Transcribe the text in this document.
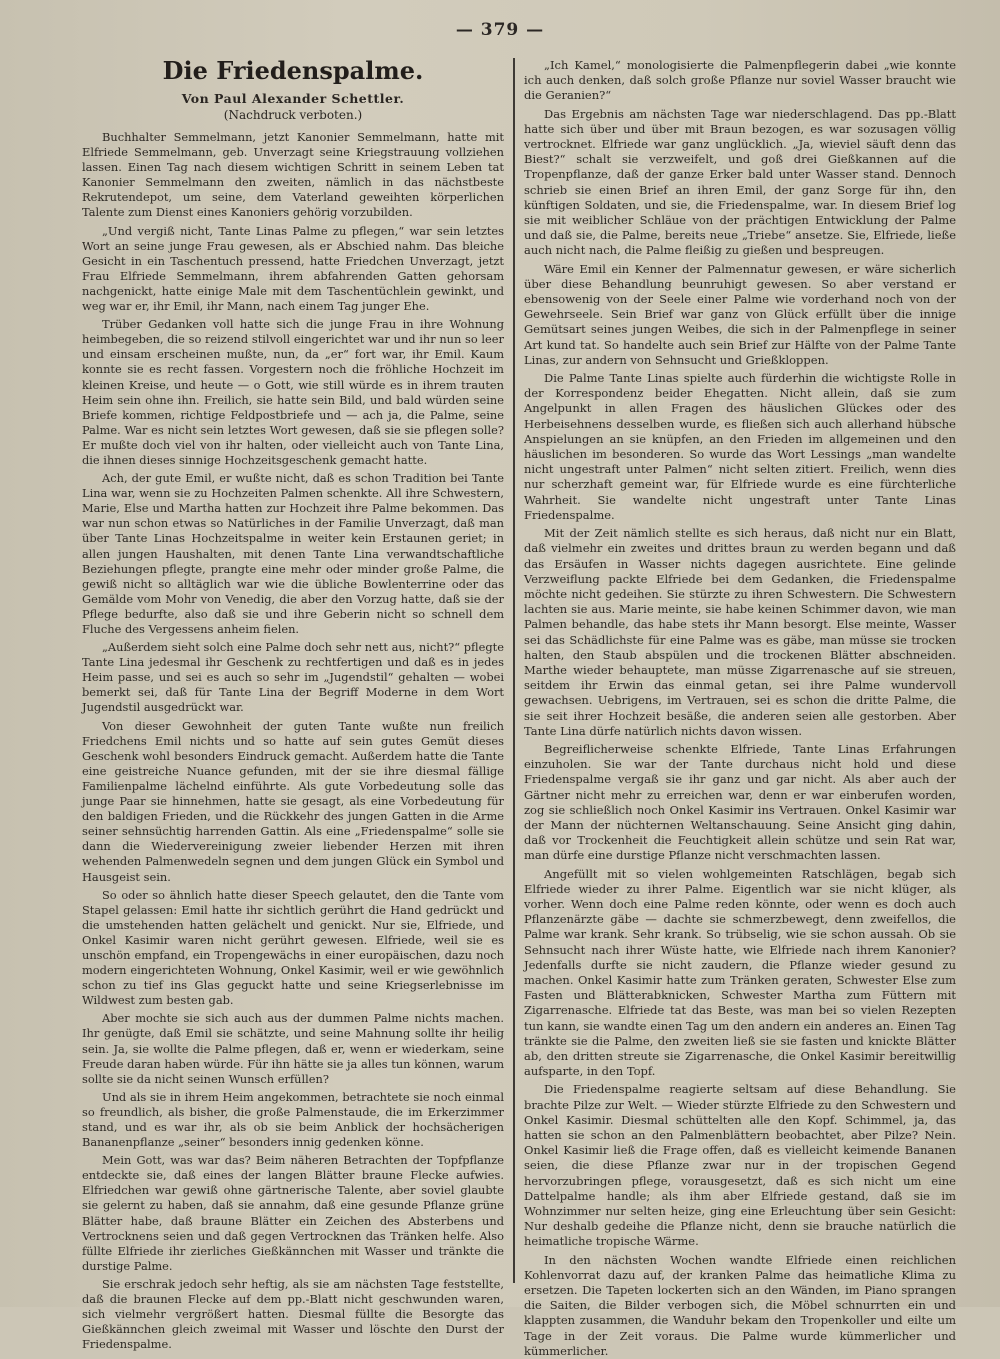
— 379 —
Die Friedenspalme.
Von Paul Alexander Schettler.
(Nachdruck verboten.)

Buchhalter Semmelmann, jetzt Kanonier Semmelmann, hatte mit Elfriede Semmelmann, geb. Unverzagt seine Kriegstrauung vollziehen lassen. Einen Tag nach diesem wichtigen Schritt in seinem Leben tat Kanonier Semmelmann den zweiten, nämlich in das nächstbeste Rekrutendepot, um seine, dem Vaterland geweihten körperlichen Talente zum Dienst eines Kanoniers gehörig vorzubilden.

„Und vergiß nicht, Tante Linas Palme zu pflegen,“ war sein letztes Wort an seine junge Frau gewesen, als er Abschied nahm. Das bleiche Gesicht in ein Taschentuch pressend, hatte Friedchen Unverzagt, jetzt Frau Elfriede Semmelmann, ihrem abfahrenden Gatten gehorsam nachgenickt, hatte einige Male mit dem Taschentüchlein gewinkt, und weg war er, ihr Emil, ihr Mann, nach einem Tag junger Ehe.

Trüber Gedanken voll hatte sich die junge Frau in ihre Wohnung heimbegeben, die so reizend stilvoll eingerichtet war und ihr nun so leer und einsam erscheinen mußte, nun, da „er“ fort war, ihr Emil. Kaum konnte sie es recht fassen. Vorgestern noch die fröhliche Hochzeit im kleinen Kreise, und heute — o Gott, wie still würde es in ihrem trauten Heim sein ohne ihn. Freilich, sie hatte sein Bild, und bald würden seine Briefe kommen, richtige Feldpostbriefe und — ach ja, die Palme, seine Palme. War es nicht sein letztes Wort gewesen, daß sie sie pflegen solle? Er mußte doch viel von ihr halten, oder vielleicht auch von Tante Lina, die ihnen dieses sinnige Hochzeitsgeschenk gemacht hatte.

Ach, der gute Emil, er wußte nicht, daß es schon Tradition bei Tante Lina war, wenn sie zu Hochzeiten Palmen schenkte. All ihre Schwestern, Marie, Else und Martha hatten zur Hochzeit ihre Palme bekommen. Das war nun schon etwas so Natürliches in der Familie Unverzagt, daß man über Tante Linas Hochzeitspalme in weiter kein Erstaunen geriet; in allen jungen Haushalten, mit denen Tante Lina verwandtschaftliche Beziehungen pflegte, prangte eine mehr oder minder große Palme, die gewiß nicht so alltäglich war wie die übliche Bowlenterrine oder das Gemälde vom Mohr von Venedig, die aber den Vorzug hatte, daß sie der Pflege bedurfte, also daß sie und ihre Geberin nicht so schnell dem Fluche des Vergessens anheim fielen.

„Außerdem sieht solch eine Palme doch sehr nett aus, nicht?“ pflegte Tante Lina jedesmal ihr Geschenk zu rechtfertigen und daß es in jedes Heim passe, und sei es auch so sehr im „Jugendstil“ gehalten — wobei bemerkt sei, daß für Tante Lina der Begriff Moderne in dem Wort Jugendstil ausgedrückt war.

Von dieser Gewohnheit der guten Tante wußte nun freilich Friedchens Emil nichts und so hatte auf sein gutes Gemüt dieses Geschenk wohl besonders Eindruck gemacht. Außerdem hatte die Tante eine geistreiche Nuance gefunden, mit der sie ihre diesmal fällige Familienpalme lächelnd einführte. Als gute Vorbedeutung solle das junge Paar sie hinnehmen, hatte sie gesagt, als eine Vorbedeutung für den baldigen Frieden, und die Rückkehr des jungen Gatten in die Arme seiner sehnsüchtig harrenden Gattin. Als eine „Friedenspalme“ solle sie dann die Wiedervereinigung zweier liebender Herzen mit ihren wehenden Palmenwedeln segnen und dem jungen Glück ein Symbol und Hausgeist sein.

So oder so ähnlich hatte dieser Speech gelautet, den die Tante vom Stapel gelassen: Emil hatte ihr sichtlich gerührt die Hand gedrückt und die umstehenden hatten gelächelt und genickt. Nur sie, Elfriede, und Onkel Kasimir waren nicht gerührt gewesen. Elfriede, weil sie es unschön empfand, ein Tropengewächs in einer europäischen, dazu noch modern eingerichteten Wohnung, Onkel Kasimir, weil er wie gewöhnlich schon zu tief ins Glas geguckt hatte und seine Kriegserlebnisse im Wildwest zum besten gab.

Aber mochte sie sich auch aus der dummen Palme nichts machen. Ihr genügte, daß Emil sie schätzte, und seine Mahnung sollte ihr heilig sein. Ja, sie wollte die Palme pflegen, daß er, wenn er wiederkam, seine Freude daran haben würde. Für ihn hätte sie ja alles tun können, warum sollte sie da nicht seinen Wunsch erfüllen?

Und als sie in ihrem Heim angekommen, betrachtete sie noch einmal so freundlich, als bisher, die große Palmenstaude, die im Erkerzimmer stand, und es war ihr, als ob sie beim Anblick der hochsächerigen Bananenpflanze „seiner“ besonders innig gedenken könne.

Mein Gott, was war das? Beim näheren Betrachten der Topfpflanze entdeckte sie, daß eines der langen Blätter braune Flecke aufwies. Elfriedchen war gewiß ohne gärtnerische Talente, aber soviel glaubte sie gelernt zu haben, daß sie annahm, daß eine gesunde Pflanze grüne Blätter habe, daß braune Blätter ein Zeichen des Absterbens und Vertrocknens seien und daß gegen Vertrocknen das Tränken helfe. Also füllte Elfriede ihr zierliches Gießkännchen mit Wasser und tränkte die durstige Palme.

Sie erschrak jedoch sehr heftig, als sie am nächsten Tage feststellte, daß die braunen Flecke auf dem pp.-Blatt nicht geschwunden waren, sich vielmehr vergrößert hatten. Diesmal füllte die Besorgte das Gießkännchen gleich zweimal mit Wasser und löschte den Durst der Friedenspalme.

„Ich Kamel,“ monologisierte die Palmenpflegerin dabei „wie konnte ich auch denken, daß solch große Pflanze nur soviel Wasser braucht wie die Geranien?“

Das Ergebnis am nächsten Tage war niederschlagend. Das pp.-Blatt hatte sich über und über mit Braun bezogen, es war sozusagen völlig vertrocknet. Elfriede war ganz unglücklich. „Ja, wieviel säuft denn das Biest?“ schalt sie verzweifelt, und goß drei Gießkannen auf die Tropenpflanze, daß der ganze Erker bald unter Wasser stand. Dennoch schrieb sie einen Brief an ihren Emil, der ganz Sorge für ihn, den künftigen Soldaten, und sie, die Friedenspalme, war. In diesem Brief log sie mit weiblicher Schläue von der prächtigen Entwicklung der Palme und daß sie, die Palme, bereits neue „Triebe“ ansetze. Sie, Elfriede, ließe auch nicht nach, die Palme fleißig zu gießen und bespreugen.

Wäre Emil ein Kenner der Palmennatur gewesen, er wäre sicherlich über diese Behandlung beunruhigt gewesen. So aber verstand er ebensowenig von der Seele einer Palme wie vorderhand noch von der Gewehrseele. Sein Brief war ganz von Glück erfüllt über die innige Gemütsart seines jungen Weibes, die sich in der Palmenpflege in seiner Art kund tat. So handelte auch sein Brief zur Hälfte von der Palme Tante Linas, zur andern von Sehnsucht und Grießkloppen.

Die Palme Tante Linas spielte auch fürderhin die wichtigste Rolle in der Korrespondenz beider Ehegatten. Nicht allein, daß sie zum Angelpunkt in allen Fragen des häuslichen Glückes oder des Herbeisehnens desselben wurde, es fließen sich auch allerhand hübsche Anspielungen an sie knüpfen, an den Frieden im allgemeinen und den häuslichen im besonderen. So wurde das Wort Lessings „man wandelte nicht ungestraft unter Palmen“ nicht selten zitiert. Freilich, wenn dies nur scherzhaft gemeint war, für Elfriede wurde es eine fürchterliche Wahrheit. Sie wandelte nicht ungestraft unter Tante Linas Friedenspalme.

Mit der Zeit nämlich stellte es sich heraus, daß nicht nur ein Blatt, daß vielmehr ein zweites und drittes braun zu werden begann und daß das Ersäufen in Wasser nichts dagegen ausrichtete. Eine gelinde Verzweiflung packte Elfriede bei dem Gedanken, die Friedenspalme möchte nicht gedeihen. Sie stürzte zu ihren Schwestern. Die Schwestern lachten sie aus. Marie meinte, sie habe keinen Schimmer davon, wie man Palmen behandle, das habe stets ihr Mann besorgt. Else meinte, Wasser sei das Schädlichste für eine Palme was es gäbe, man müsse sie trocken halten, den Staub abspülen und die trockenen Blätter abschneiden. Marthe wieder behauptete, man müsse Zigarrenasche auf sie streuen, seitdem ihr Erwin das einmal getan, sei ihre Palme wundervoll gewachsen. Uebrigens, im Vertrauen, sei es schon die dritte Palme, die sie seit ihrer Hochzeit besäße, die anderen seien alle gestorben. Aber Tante Lina dürfe natürlich nichts davon wissen.

Begreiflicherweise schenkte Elfriede, Tante Linas Erfahrungen einzuholen. Sie war der Tante durchaus nicht hold und diese Friedenspalme vergaß sie ihr ganz und gar nicht. Als aber auch der Gärtner nicht mehr zu erreichen war, denn er war einberufen worden, zog sie schließlich noch Onkel Kasimir ins Vertrauen. Onkel Kasimir war der Mann der nüchternen Weltanschauung. Seine Ansicht ging dahin, daß vor Trockenheit die Feuchtigkeit allein schütze und sein Rat war, man dürfe eine durstige Pflanze nicht verschmachten lassen.

Angefüllt mit so vielen wohlgemeinten Ratschlägen, begab sich Elfriede wieder zu ihrer Palme. Eigentlich war sie nicht klüger, als vorher. Wenn doch eine Palme reden könnte, oder wenn es doch auch Pflanzenärzte gäbe — dachte sie schmerzbewegt, denn zweifellos, die Palme war krank. Sehr krank. So trübselig, wie sie schon aussah. Ob sie Sehnsucht nach ihrer Wüste hatte, wie Elfriede nach ihrem Kanonier? Jedenfalls durfte sie nicht zaudern, die Pflanze wieder gesund zu machen. Onkel Kasimir hatte zum Tränken geraten, Schwester Else zum Fasten und Blätterabknicken, Schwester Martha zum Füttern mit Zigarrenasche. Elfriede tat das Beste, was man bei so vielen Rezepten tun kann, sie wandte einen Tag um den andern ein anderes an. Einen Tag tränkte sie die Palme, den zweiten ließ sie sie fasten und knickte Blätter ab, den dritten streute sie Zigarrenasche, die Onkel Kasimir bereitwillig aufsparte, in den Topf.

Die Friedenspalme reagierte seltsam auf diese Behandlung. Sie brachte Pilze zur Welt. — Wieder stürzte Elfriede zu den Schwestern und Onkel Kasimir. Diesmal schüttelten alle den Kopf. Schimmel, ja, das hatten sie schon an den Palmenblättern beobachtet, aber Pilze? Nein. Onkel Kasimir ließ die Frage offen, daß es vielleicht keimende Bananen seien, die diese Pflanze zwar nur in der tropischen Gegend hervorzubringen pflege, vorausgesetzt, daß es sich nicht um eine Dattelpalme handle; als ihm aber Elfriede gestand, daß sie im Wohnzimmer nur selten heize, ging eine Erleuchtung über sein Gesicht: Nur deshalb gedeihe die Pflanze nicht, denn sie brauche natürlich die heimatliche tropische Wärme.

In den nächsten Wochen wandte Elfriede einen reichlichen Kohlenvorrat dazu auf, der kranken Palme das heimatliche Klima zu ersetzen. Die Tapeten lockerten sich an den Wänden, im Piano sprangen die Saiten, die Bilder verbogen sich, die Möbel schnurrten ein und klappten zusammen, die Wanduhr bekam den Tropenkoller und eilte um Tage in der Zeit voraus. Die Palme wurde kümmerlicher und kümmerlicher.
